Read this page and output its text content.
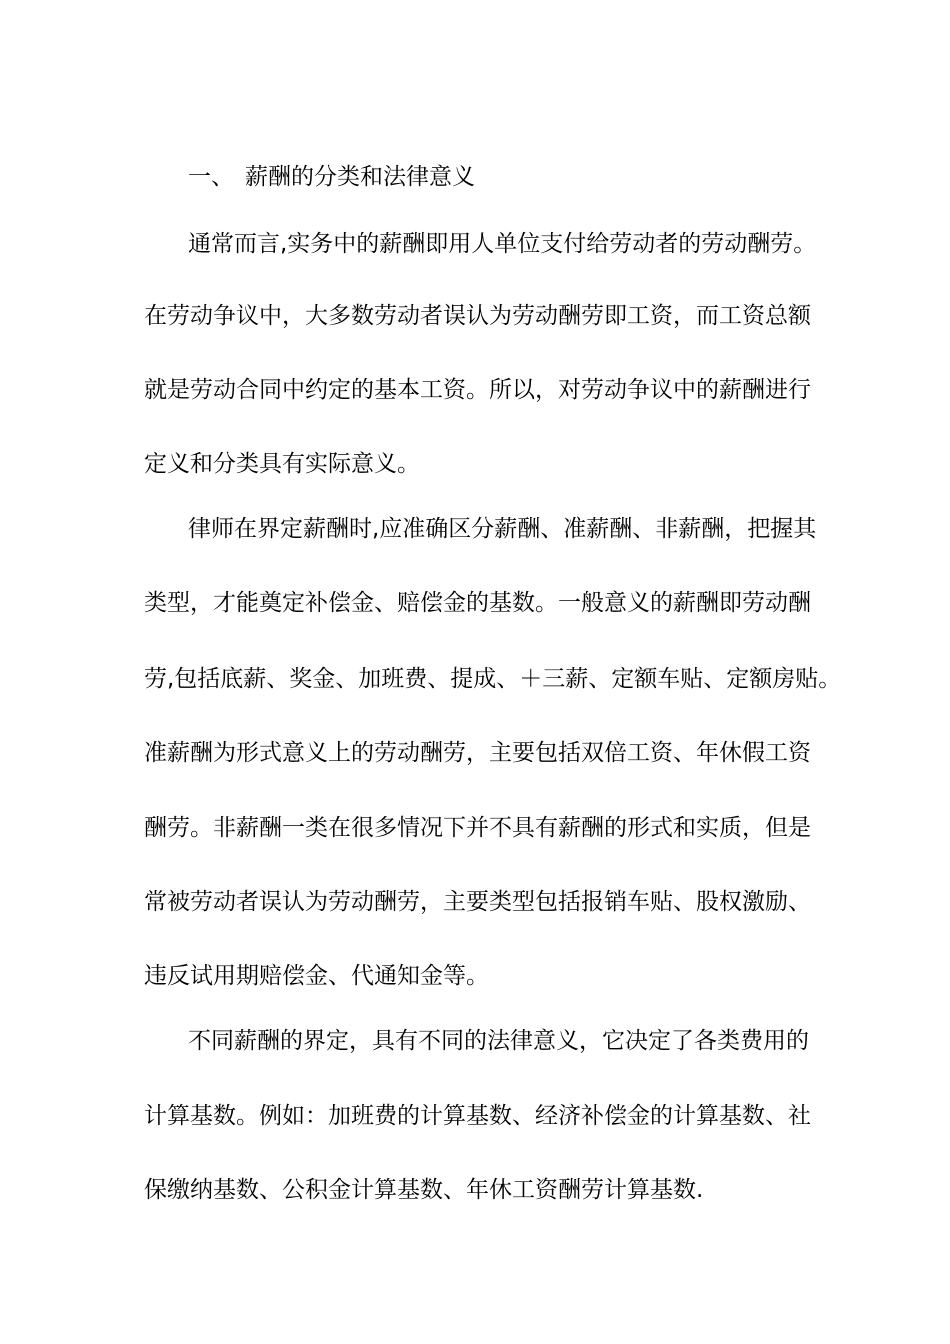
一、 薪酬的分类和法律意义
通常而言,实务中的薪酬即用人单位支付给劳动者的劳动酬劳。
在劳动争议中，大多数劳动者误认为劳动酬劳即工资，而工资总额
就是劳动合同中约定的基本工资。所以，对劳动争议中的薪酬进行
定义和分类具有实际意义。
律师在界定薪酬时,应准确区分薪酬、准薪酬、非薪酬，把握其
类型，才能奠定补偿金、赔偿金的基数。一般意义的薪酬即劳动酬
劳,包括底薪、奖金、加班费、提成、＋三薪、定额车贴、定额房贴。
准薪酬为形式意义上的劳动酬劳，主要包括双倍工资、年休假工资
酬劳。非薪酬一类在很多情况下并不具有薪酬的形式和实质，但是
常被劳动者误认为劳动酬劳，主要类型包括报销车贴、股权激励、
违反试用期赔偿金、代通知金等。
不同薪酬的界定，具有不同的法律意义，它决定了各类费用的
计算基数。例如：加班费的计算基数、经济补偿金的计算基数、社
保缴纳基数、公积金计算基数、年休工资酬劳计算基数.
